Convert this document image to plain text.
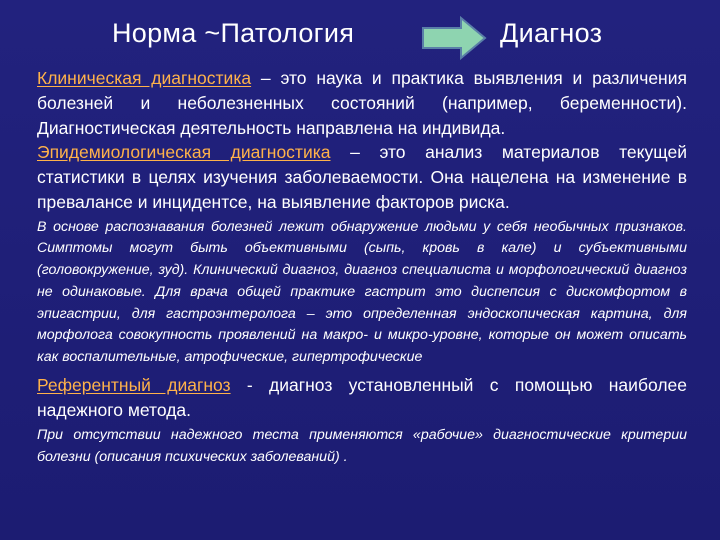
Норма ~Патология	Диагноз

Клиническая диагностика – это наука и практика выявления и различения болезней и неболезненных состояний (например, беременности). Диагностическая деятельность направлена на индивида.

Эпидемиологическая диагностика – это анализ материалов текущей статистики в целях изучения заболеваемости. Она нацелена на изменение в превалансе и инцидентсе, на выявление факторов риска.

В основе распознавания болезней лежит обнаружение людьми у себя необычных признаков. Симптомы могут быть объективными (сыпь, кровь в кале) и субъективными (головокружение, зуд). Клинический диагноз, диагноз специалиста и морфологический диагноз не одинаковые. Для врача общей практике гастрит это диспепсия с дискомфортом в эпигастрии, для гастроэнтеролога – это определенная эндоскопическая картина, для морфолога совокупность проявлений на макро- и микро-уровне, которые он может описать как воспалительные, атрофические, гипертрофические

Референтный диагноз - диагноз установленный с помощью наиболее надежного метода.

При отсутствии надежного теста применяются «рабочие» диагностические критерии болезни (описания психических заболеваний) .
